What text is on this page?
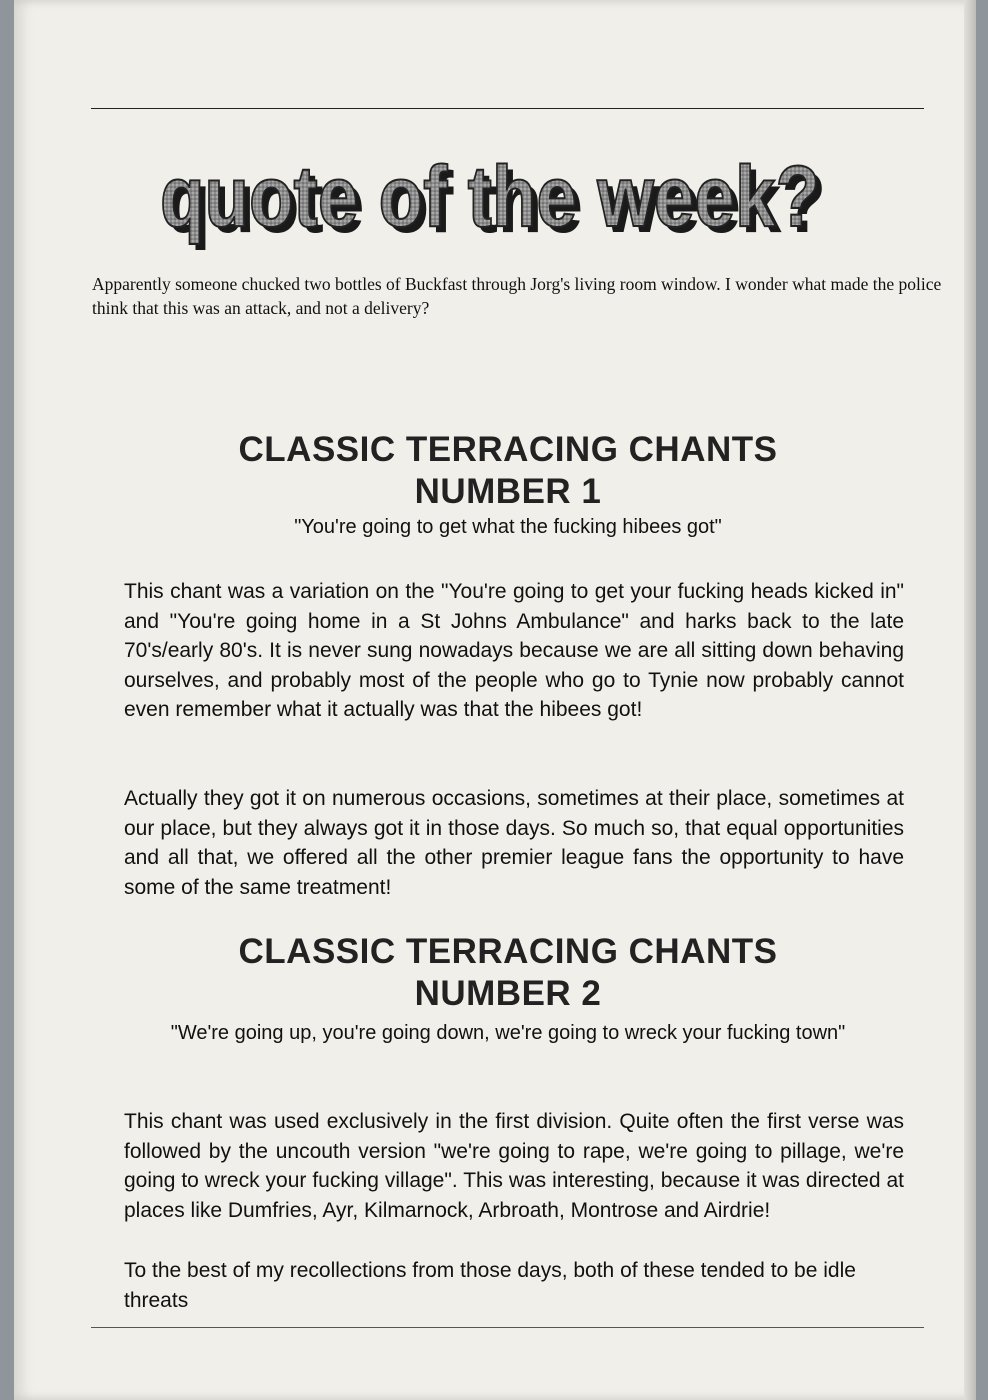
quote of the week?
quote of the week?
Apparently someone chucked two bottles of Buckfast through Jorg's living room window. I wonder what made the police think that this was an attack, and not a delivery?
CLASSIC TERRACING CHANTS
NUMBER 1
"You're going to get what the fucking hibees got"
This chant was a variation on the "You're going to get your fucking heads kicked in" and "You're going home in a St Johns Ambulance" and harks back to the late 70's/early 80's. It is never sung nowadays because we are all sitting down behaving ourselves, and probably most of the people who go to Tynie now probably cannot even remember what it actually was that the hibees got!
Actually they got it on numerous occasions, sometimes at their place, sometimes at our place, but they always got it in those days. So much so, that equal opportunities and all that, we offered all the other premier league fans the opportunity to have some of the same treatment!
CLASSIC TERRACING CHANTS
NUMBER 2
"We're going up, you're going down, we're going to wreck your fucking town"
This chant was used exclusively in the first division. Quite often the first verse was followed by the uncouth version "we're going to rape, we're going to pillage, we're going to wreck your fucking village". This was interesting, because it was directed at places like Dumfries, Ayr, Kilmarnock, Arbroath, Montrose and Airdrie!
To the best of my recollections from those days, both of these tended to be idle threats
